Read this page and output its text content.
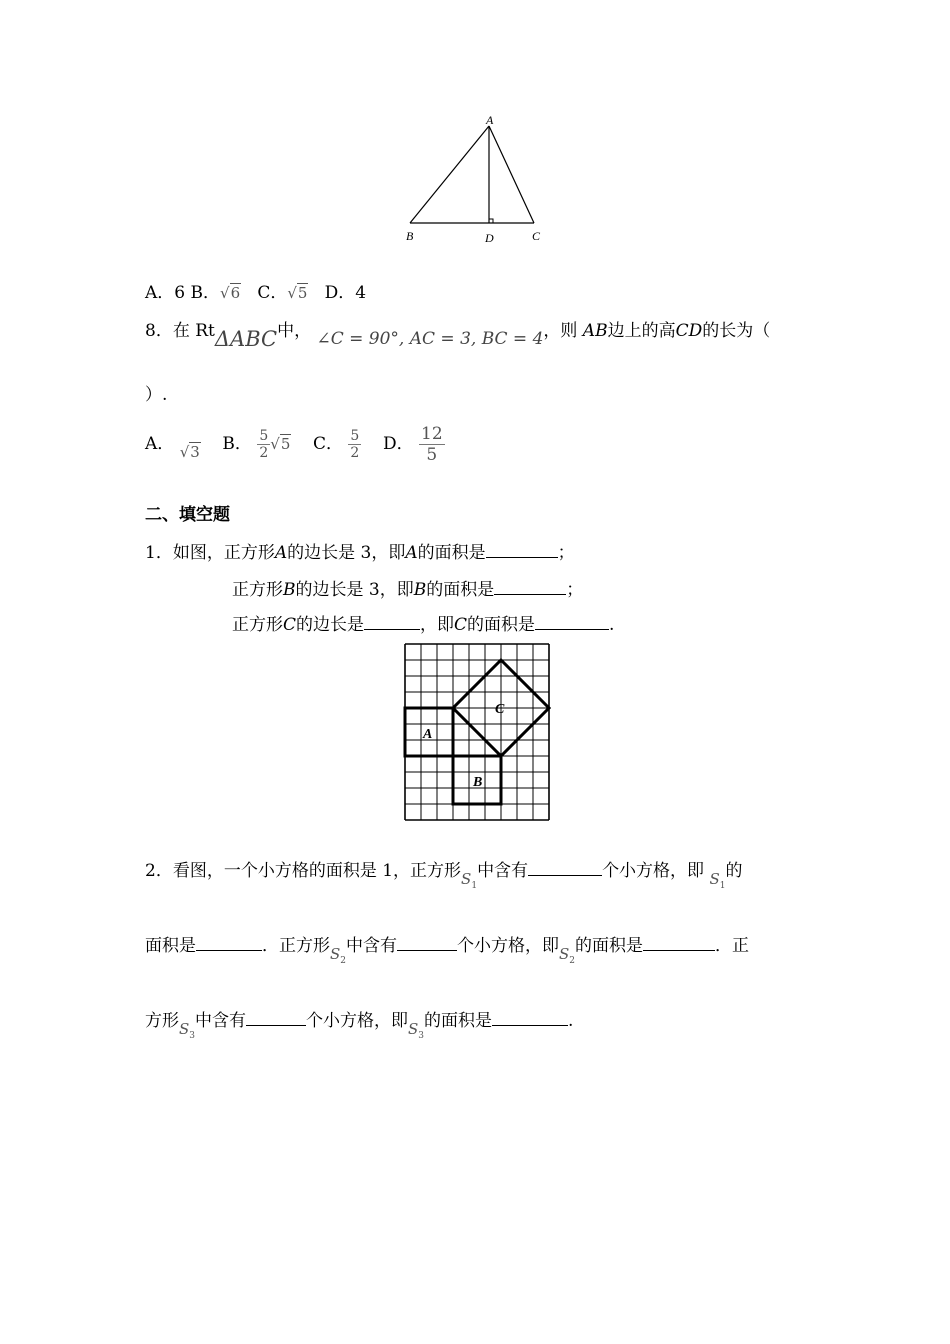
A
B	C
D
A．6 B．√6 C．√5 D．4
8．在 RtΔABC中， ∠C = 90°, AC = 3, BC = 4，则 AB边上的高CD的长为（
）.
A． √3 B． $\frac{5}{2} √5$ C． $\frac{5}{2}$ D． $\frac{12}{5}$
二、填空题
1．如图，正方形A的边长是 3，即A的面积是	；
正方形B的边长是 3，即B的面积是	；
正方形C的边长是	，即C的面积是	.
A
B
C
2．看图，一个小方格的面积是 1，正方形$S_1$中含有	个小方格，即 $S_1$的
面积是	．正方形$S_2$中含有	个小方格，即$S_2$的面积是	．正
方形$S_3$中含有	个小方格，即$S_3$的面积是	.
